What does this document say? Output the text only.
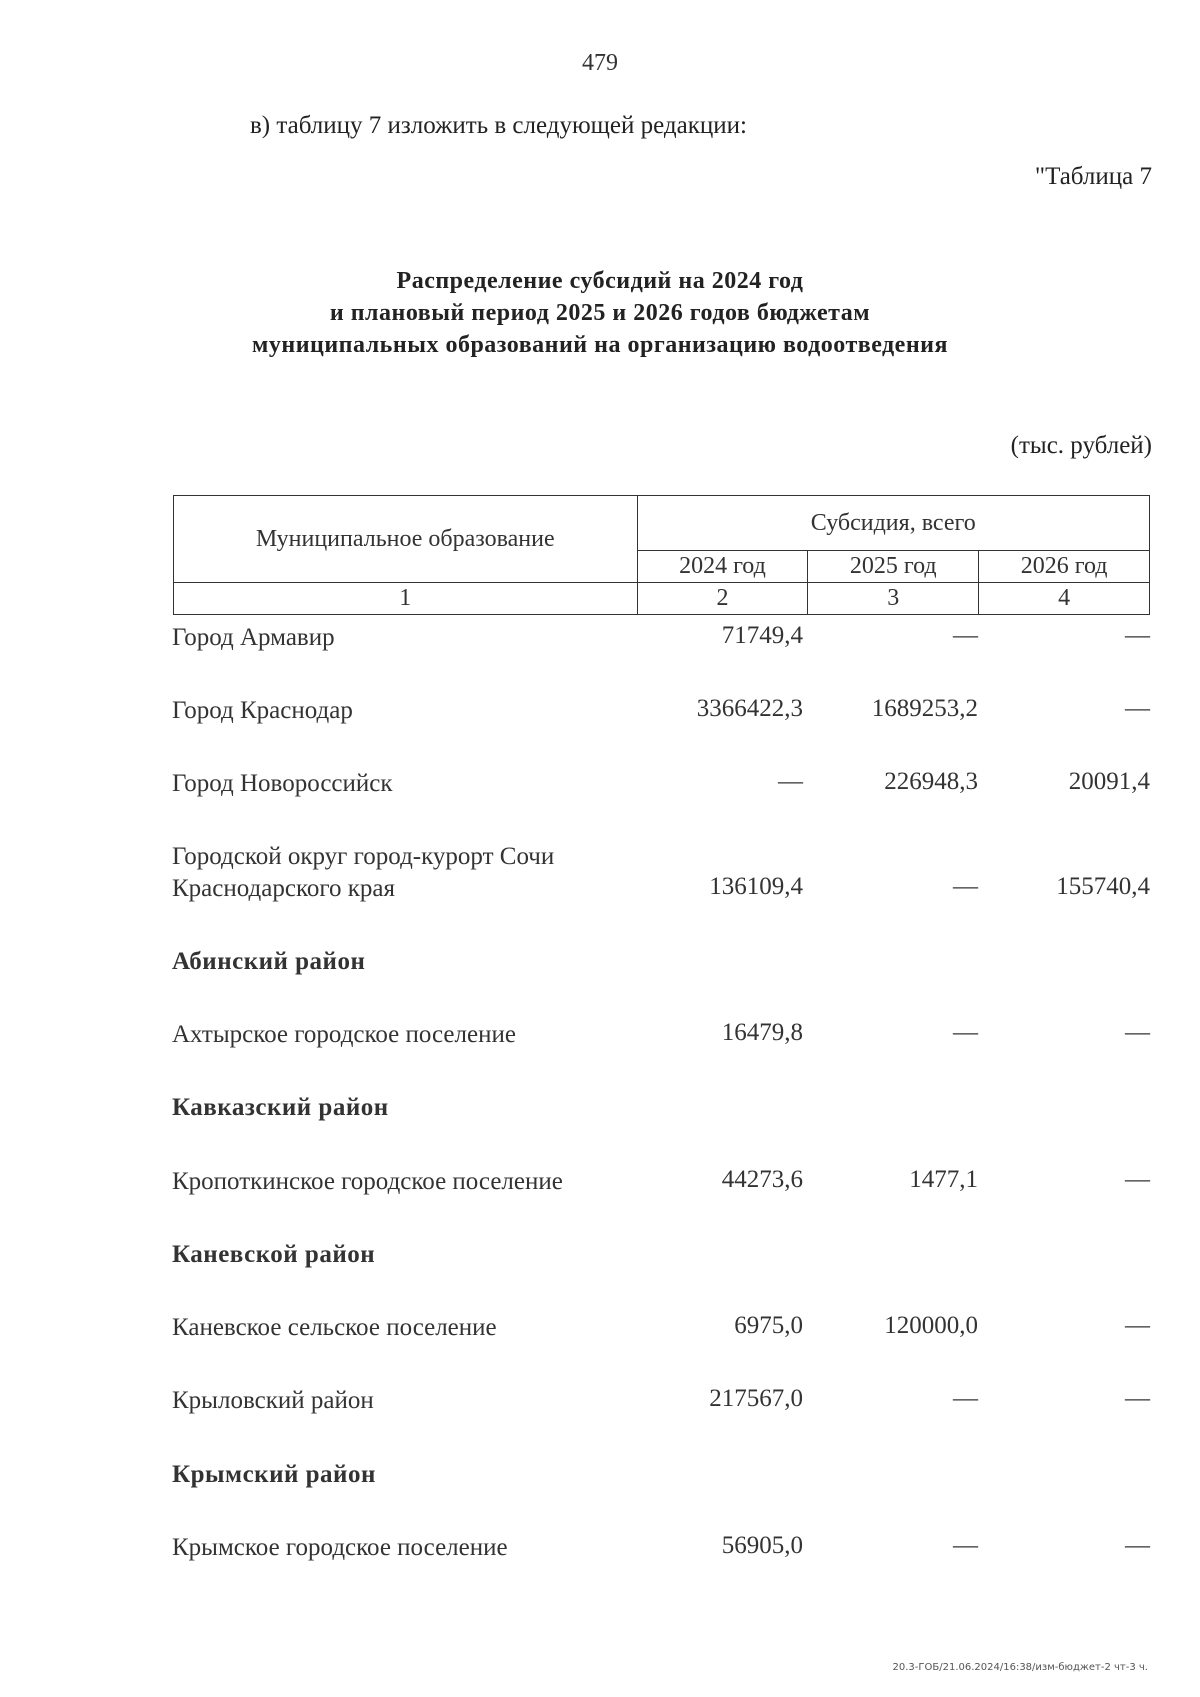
479
в) таблицу 7 изложить в следующей редакции:
"Таблица 7
Распределение субсидий на 2024 год
и плановый период 2025 и 2026 годов бюджетам
муниципальных образований на организацию водоотведения
(тыс. рублей)
Муниципальное образование	Субсидия, всего		
	2024 год	2025 год	2026 год
1	2	3	4
Город Армавир	71749,4	—	—
Город Краснодар	3366422,3	1689253,2	—
Город Новороссийск	—	226948,3	20091,4
Городской округ город-курорт Сочи
Краснодарского края	136109,4	—	155740,4
Абинский район
Ахтырское городское поселение	16479,8	—	—
Кавказский район
Кропоткинское городское поселение	44273,6	1477,1	—
Каневской район
Каневское сельское поселение	6975,0	120000,0	—
Крыловский район	217567,0	—	—
Крымский район
Крымское городское поселение	56905,0	—	—
20.3-ГОБ/21.06.2024/16:38/изм-бюджет-2 чт-3 ч.
